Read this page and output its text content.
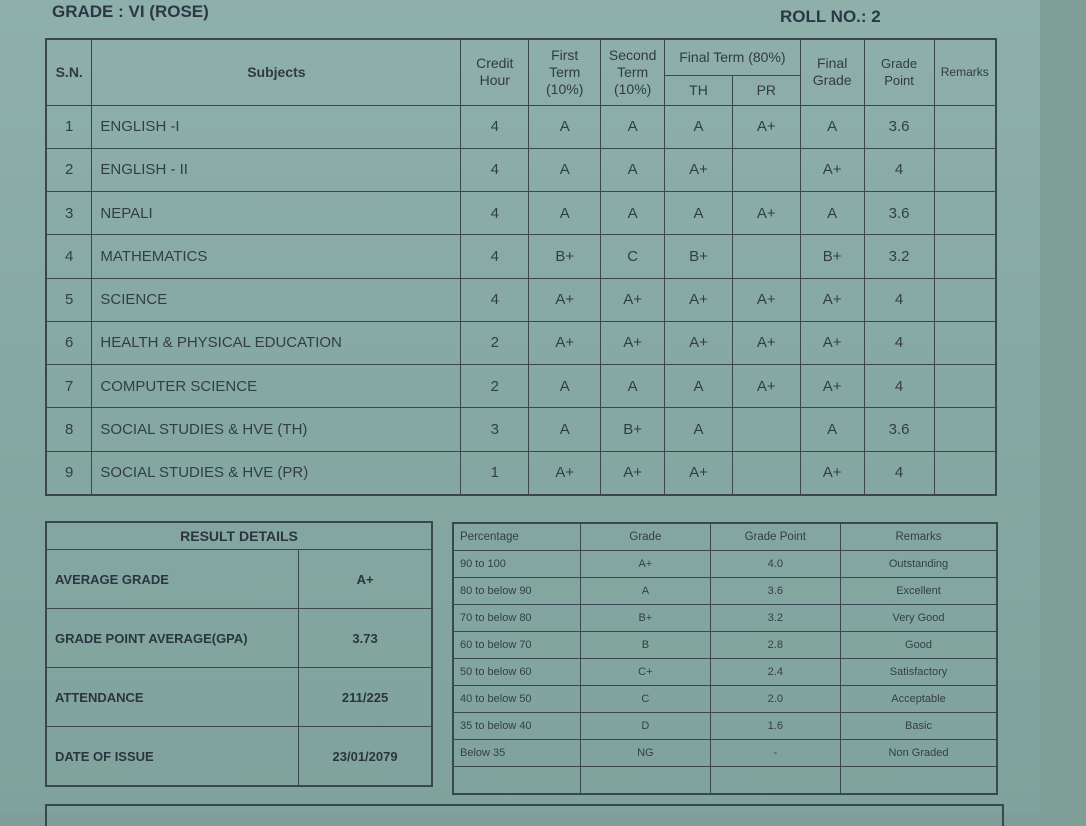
GRADE : VI (ROSE)	ROLL NO.: 2
S.N.	Subjects	Credit Hour	First Term (10%)	Second Term (10%)	Final Term (80%)		Final Grade	Grade Point	Remarks
					TH	PR			
1	ENGLISH -I	4	A	A	A	A+	A	3.6	
2	ENGLISH - II	4	A	A	A+		A+	4	
3	NEPALI	4	A	A	A	A+	A	3.6	
4	MATHEMATICS	4	B+	C	B+		B+	3.2	
5	SCIENCE	4	A+	A+	A+	A+	A+	4	
6	HEALTH & PHYSICAL EDUCATION	2	A+	A+	A+	A+	A+	4	
7	COMPUTER SCIENCE	2	A	A	A	A+	A+	4	
8	SOCIAL STUDIES & HVE (TH)	3	A	B+	A		A	3.6	
9	SOCIAL STUDIES & HVE (PR)	1	A+	A+	A+		A+	4	
RESULT DETAILS	
AVERAGE GRADE	A+
GRADE POINT AVERAGE(GPA)	3.73
ATTENDANCE	211/225
DATE OF ISSUE	23/01/2079
Percentage	Grade	Grade Point	Remarks
90 to 100	A+	4.0	Outstanding
80 to below 90	A	3.6	Excellent
70 to below 80	B+	3.2	Very Good
60 to below 70	B	2.8	Good
50 to below 60	C+	2.4	Satisfactory
40 to below 50	C	2.0	Acceptable
35 to below 40	D	1.6	Basic
Below 35	NG	-	Non Graded
